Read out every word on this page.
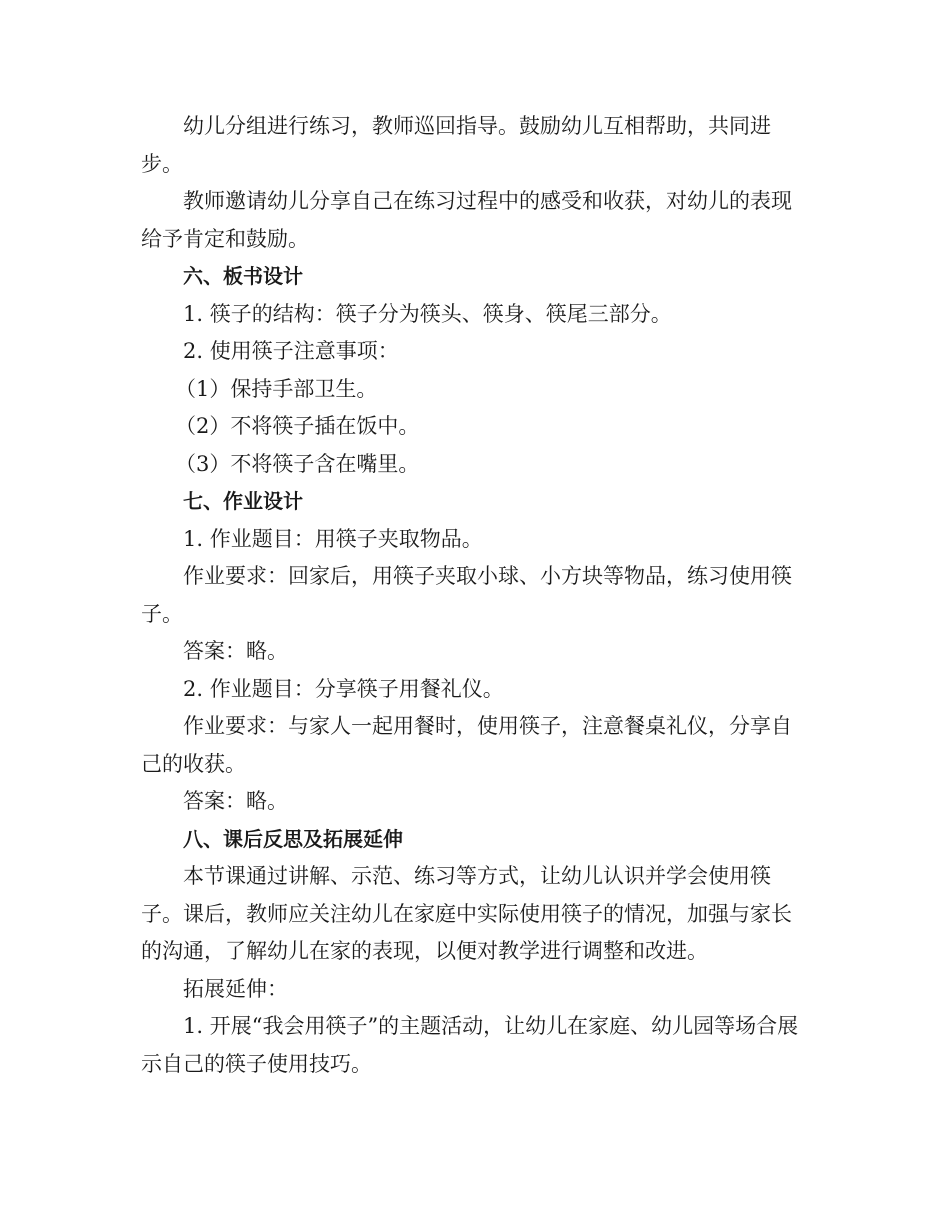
幼儿分组进行练习，教师巡回指导。鼓励幼儿互相帮助，共同进步。

教师邀请幼儿分享自己在练习过程中的感受和收获，对幼儿的表现给予肯定和鼓励。

六、板书设计

1. 筷子的结构：筷子分为筷头、筷身、筷尾三部分。

2. 使用筷子注意事项：

（1）保持手部卫生。

（2）不将筷子插在饭中。

（3）不将筷子含在嘴里。

七、作业设计

1. 作业题目：用筷子夹取物品。

作业要求：回家后，用筷子夹取小球、小方块等物品，练习使用筷子。

答案：略。

2. 作业题目：分享筷子用餐礼仪。

作业要求：与家人一起用餐时，使用筷子，注意餐桌礼仪，分享自己的收获。

答案：略。

八、课后反思及拓展延伸

本节课通过讲解、示范、练习等方式，让幼儿认识并学会使用筷子。课后，教师应关注幼儿在家庭中实际使用筷子的情况，加强与家长的沟通，了解幼儿在家的表现，以便对教学进行调整和改进。

拓展延伸：

1. 开展“我会用筷子”的主题活动，让幼儿在家庭、幼儿园等场合展示自己的筷子使用技巧。
